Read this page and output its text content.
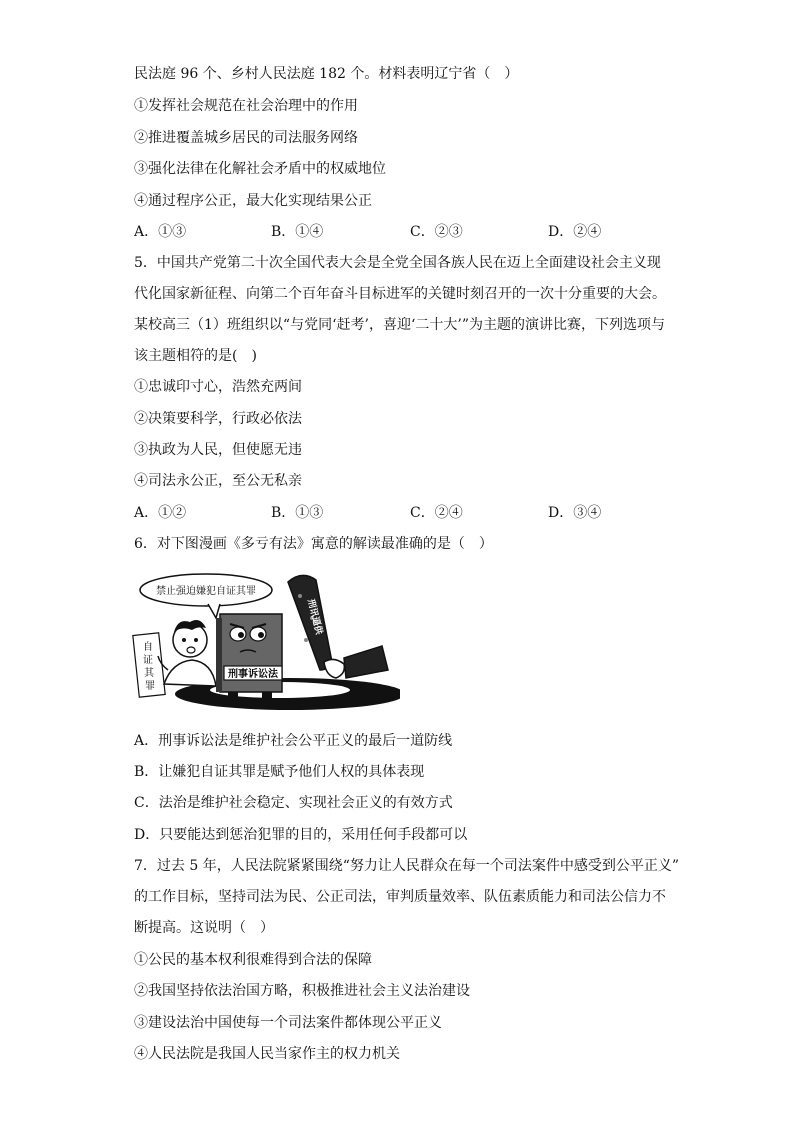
民法庭 96 个、乡村人民法庭 182 个。材料表明辽宁省（　）
①发挥社会规范在社会治理中的作用
②推进覆盖城乡居民的司法服务网络
③强化法律在化解社会矛盾中的权威地位
④通过程序公正，最大化实现结果公正
A．①③	B．①④	C．②③	D．②④
5．中国共产党第二十次全国代表大会是全党全国各族人民在迈上全面建设社会主义现
代化国家新征程、向第二个百年奋斗目标进军的关键时刻召开的一次十分重要的大会。
某校高三（1）班组织以“与党同‘赶考’，喜迎‘二十大’”为主题的演讲比赛，下列选项与
该主题相符的是(　)
①忠诚印寸心，浩然充两间
②决策要科学，行政必依法
③执政为人民，但使愿无违
④司法永公正，至公无私亲
A．①②	B．①③	C．②④	D．③④
6．对下图漫画《多亏有法》寓意的解读最准确的是（　）
禁止强迫嫌犯自证其罪
自
证
其
罪
刑事诉讼法
刑讯逼供
A．刑事诉讼法是维护社会公平正义的最后一道防线
B．让嫌犯自证其罪是赋予他们人权的具体表现
C．法治是维护社会稳定、实现社会正义的有效方式
D．只要能达到惩治犯罪的目的，采用任何手段都可以
7．过去 5 年，人民法院紧紧围绕“努力让人民群众在每一个司法案件中感受到公平正义”
的工作目标，坚持司法为民、公正司法，审判质量效率、队伍素质能力和司法公信力不
断提高。这说明（　）
①公民的基本权利很难得到合法的保障
②我国坚持依法治国方略，积极推进社会主义法治建设
③建设法治中国使每一个司法案件都体现公平正义
④人民法院是我国人民当家作主的权力机关
